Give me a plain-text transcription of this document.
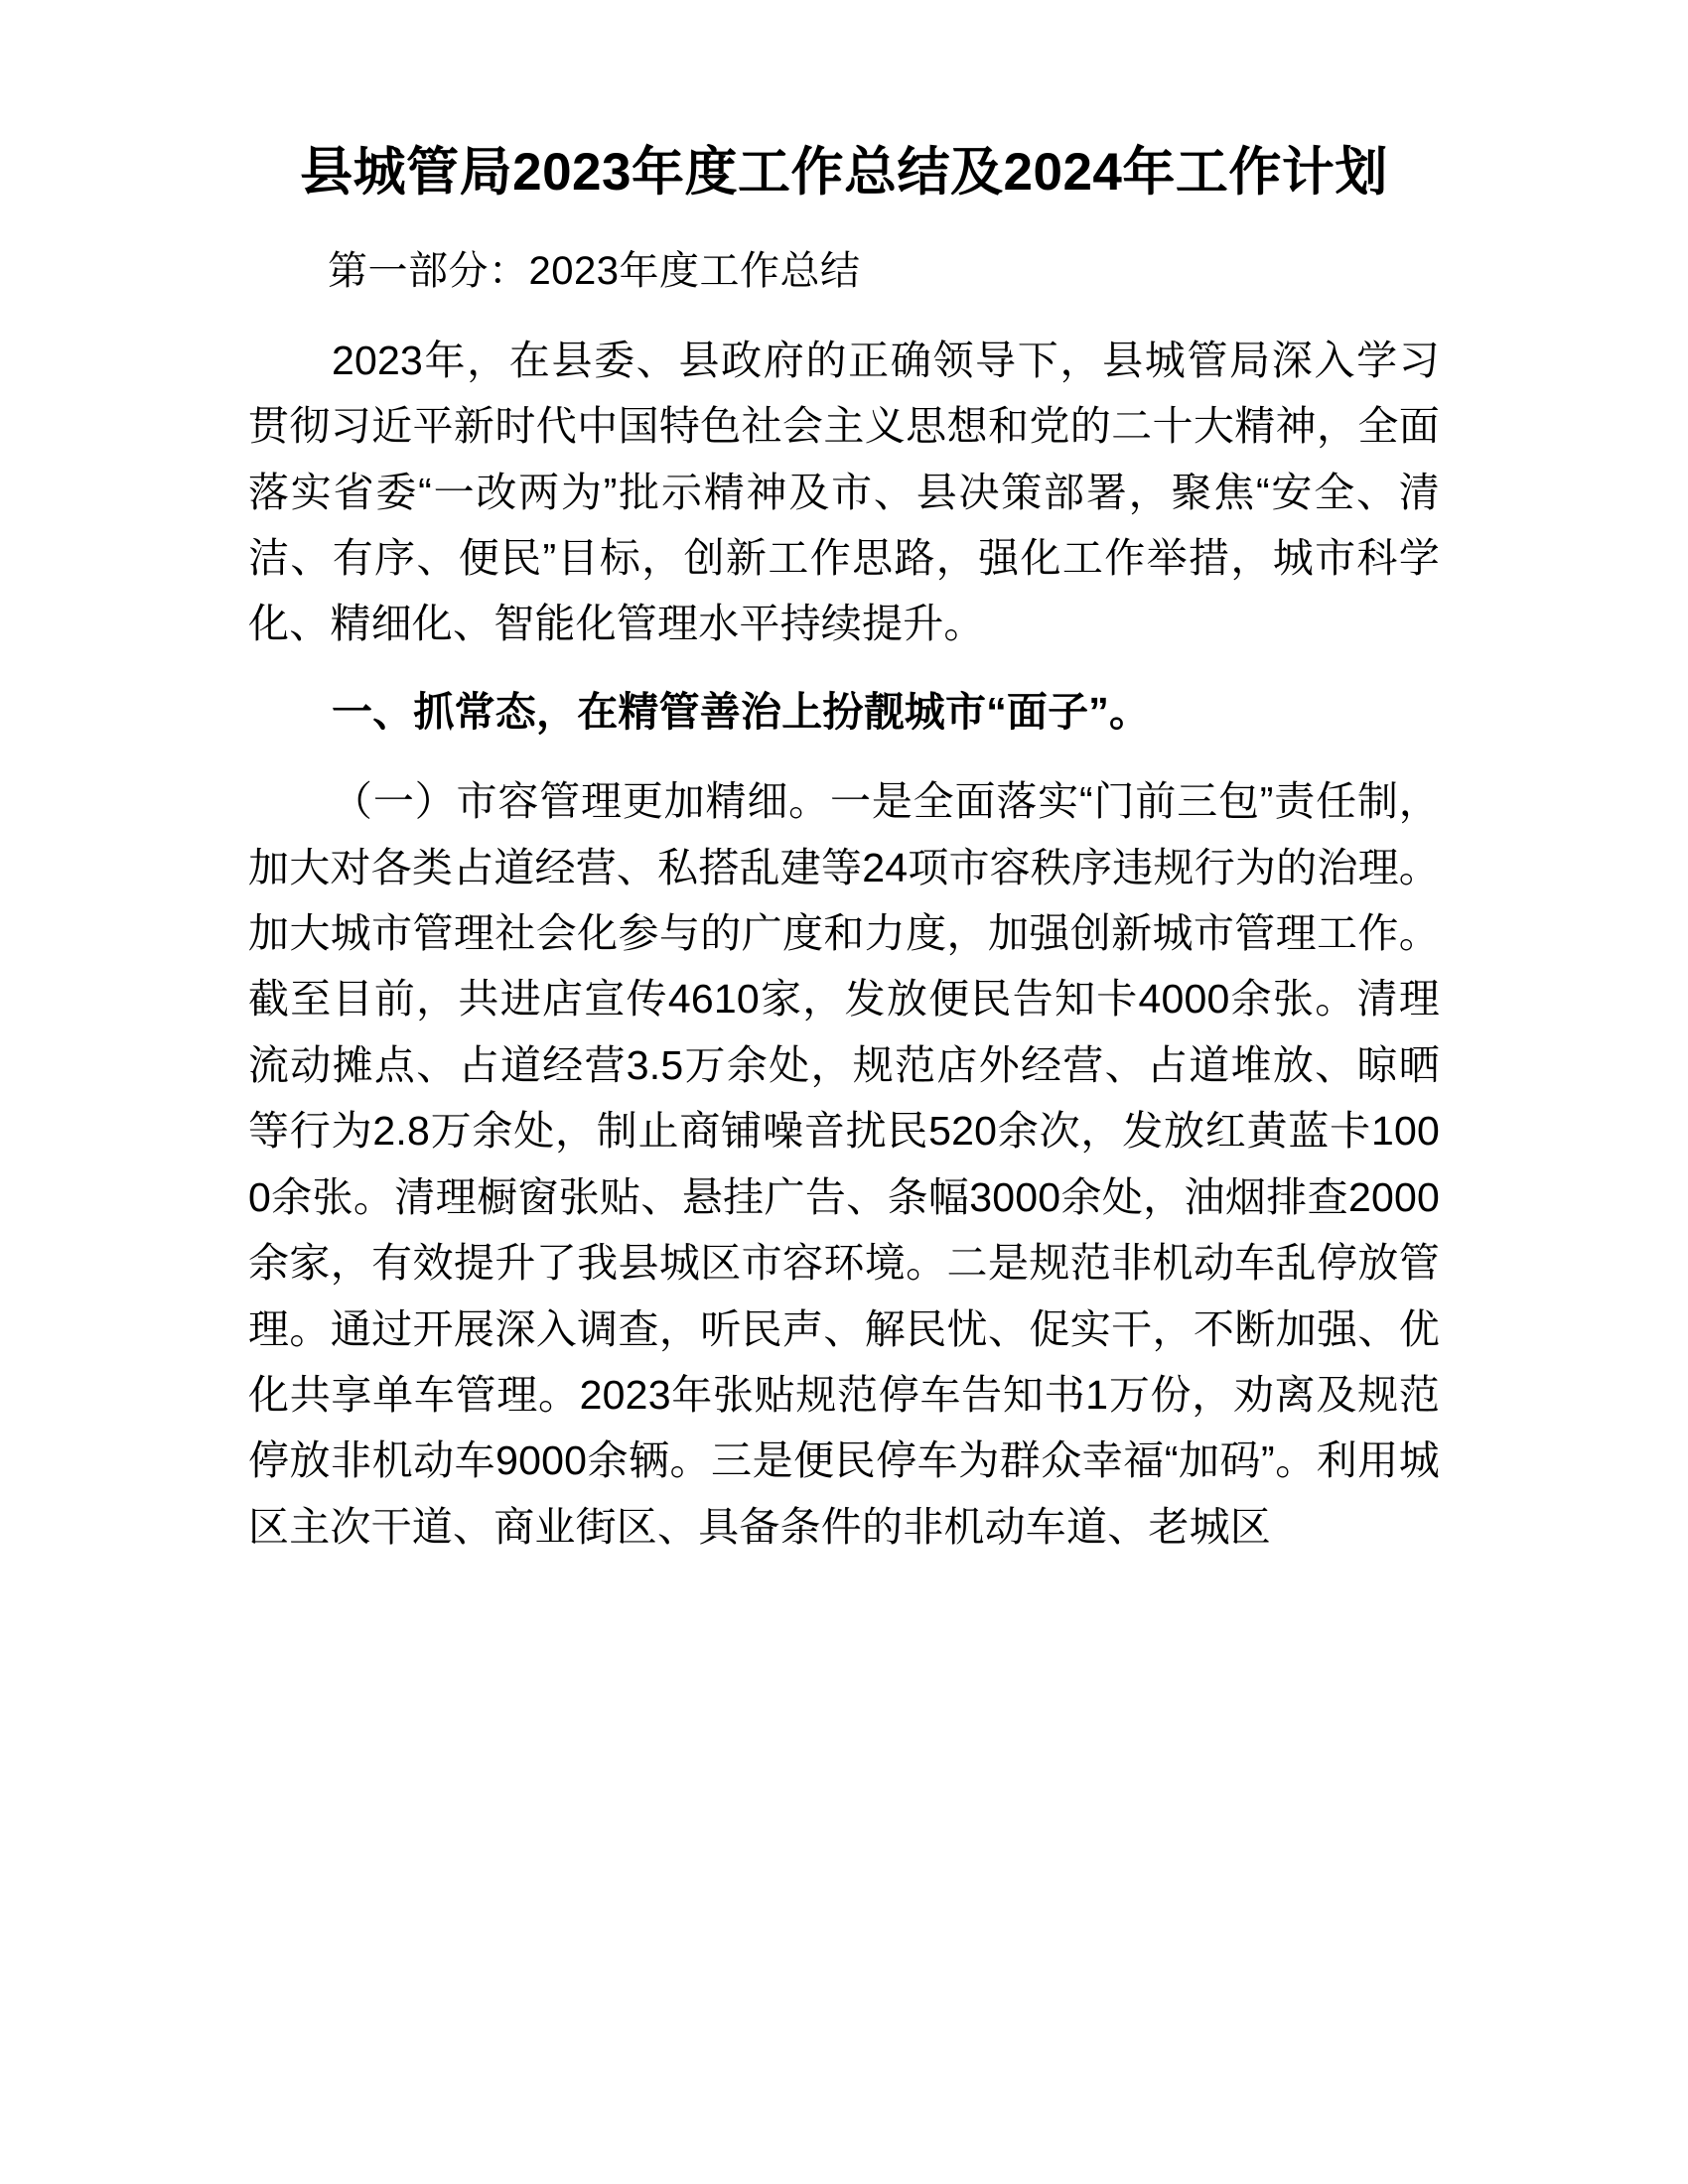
县城管局2023年度工作总结及2024年工作计划
第一部分：2023年度工作总结

2023年，在县委、县政府的正确领导下，县城管局深入学习贯彻习近平新时代中国特色社会主义思想和党的二十大精神，全面落实省委“一改两为”批示精神及市、县决策部署，聚焦“安全、清洁、有序、便民”目标，创新工作思路，强化工作举措，城市科学化、精细化、智能化管理水平持续提升。

一、抓常态，在精管善治上扮靓城市“面子”。

（一）市容管理更加精细。一是全面落实“门前三包”责任制，加大对各类占道经营、私搭乱建等24项市容秩序违规行为的治理。加大城市管理社会化参与的广度和力度，加强创新城市管理工作。截至目前，共进店宣传4610家，发放便民告知卡4000余张。清理流动摊点、占道经营3.5万余处，规范店外经营、占道堆放、晾晒等行为2.8万余处，制止商铺噪音扰民520余次，发放红黄蓝卡1000余张。清理橱窗张贴、悬挂广告、条幅3000余处，油烟排查2000余家，有效提升了我县城区市容环境。二是规范非机动车乱停放管理。通过开展深入调查，听民声、解民忧、促实干，不断加强、优化共享单车管理。2023年张贴规范停车告知书1万份，劝离及规范停放非机动车9000余辆。三是便民停车为群众幸福“加码”。利用城区主次干道、商业街区、具备条件的非机动车道、老城区
